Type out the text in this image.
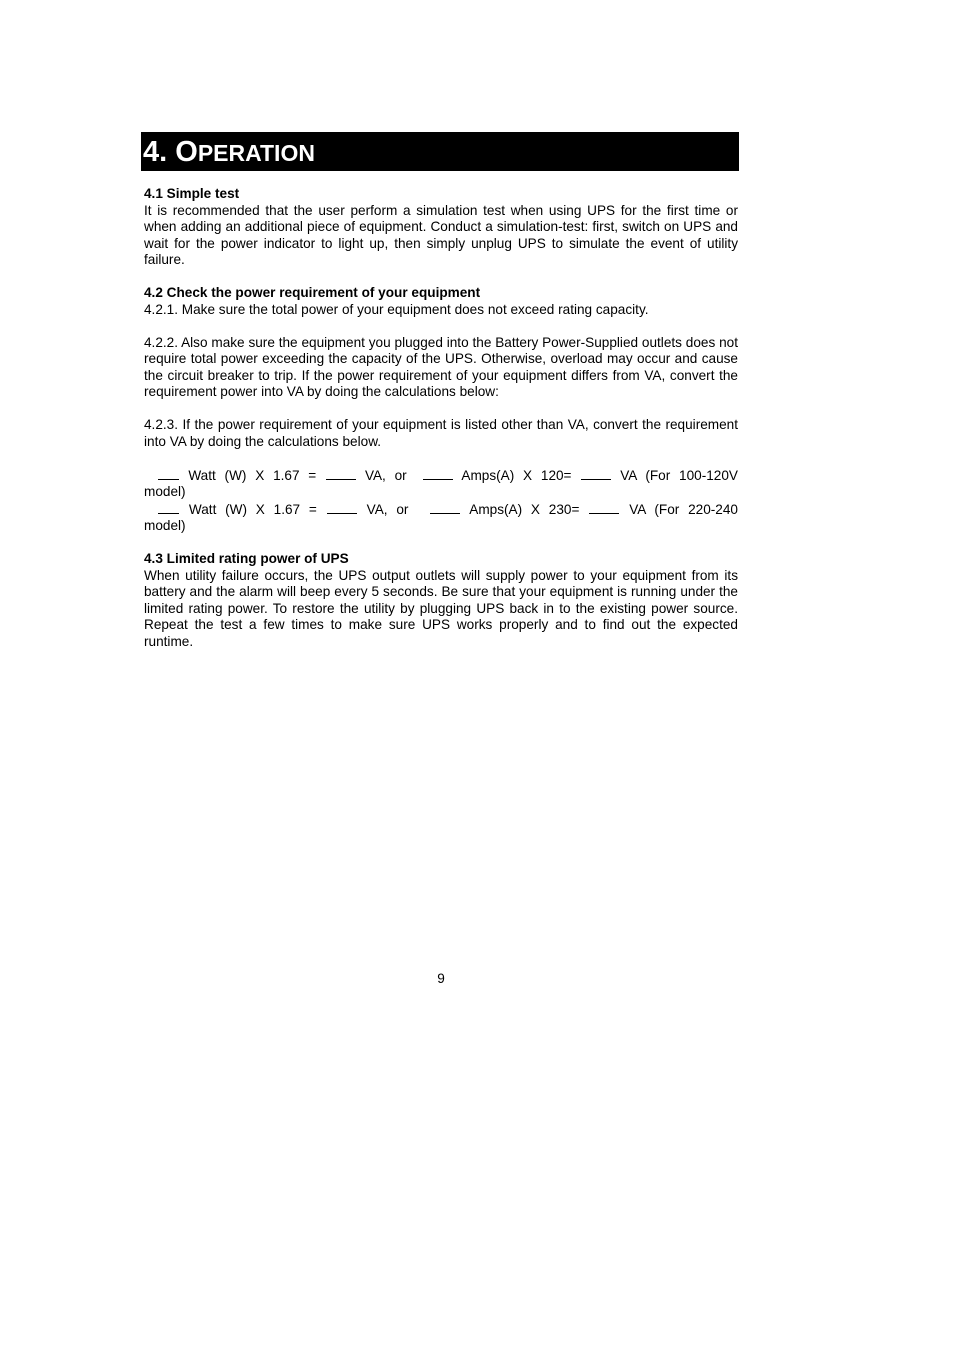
4. OPERATION
4.1 Simple test

It is recommended that the user perform a simulation test when using UPS for the first time or when adding an additional piece of equipment. Conduct a simulation-test: first, switch on UPS and wait for the power indicator to light up, then simply unplug UPS to simulate the event of utility failure.

4.2 Check the power requirement of your equipment

4.2.1. Make sure the total power of your equipment does not exceed rating capacity.

4.2.2. Also make sure the equipment you plugged into the Battery Power-Supplied outlets does not require total power exceeding the capacity of the UPS. Otherwise, overload may occur and cause the circuit breaker to trip. If the power requirement of your equipment differs from VA, convert the requirement power into VA by doing the calculations below:

4.2.3. If the power requirement of your equipment is listed other than VA, convert the requirement into VA by doing the calculations below.

Watt (W) X 1.67 =	VA, or	Amps(A) X 120=	VA (For 100-120V
model)
Watt (W) X 1.67 =	VA, or	Amps(A) X 230=	VA (For 220-240
model)
4.3 Limited rating power of UPS

When utility failure occurs, the UPS output outlets will supply power to your equipment from its battery and the alarm will beep every 5 seconds. Be sure that your equipment is running under the limited rating power. To restore the utility by plugging UPS back in to the existing power source. Repeat the test a few times to make sure UPS works properly and to find out the expected runtime.

9
